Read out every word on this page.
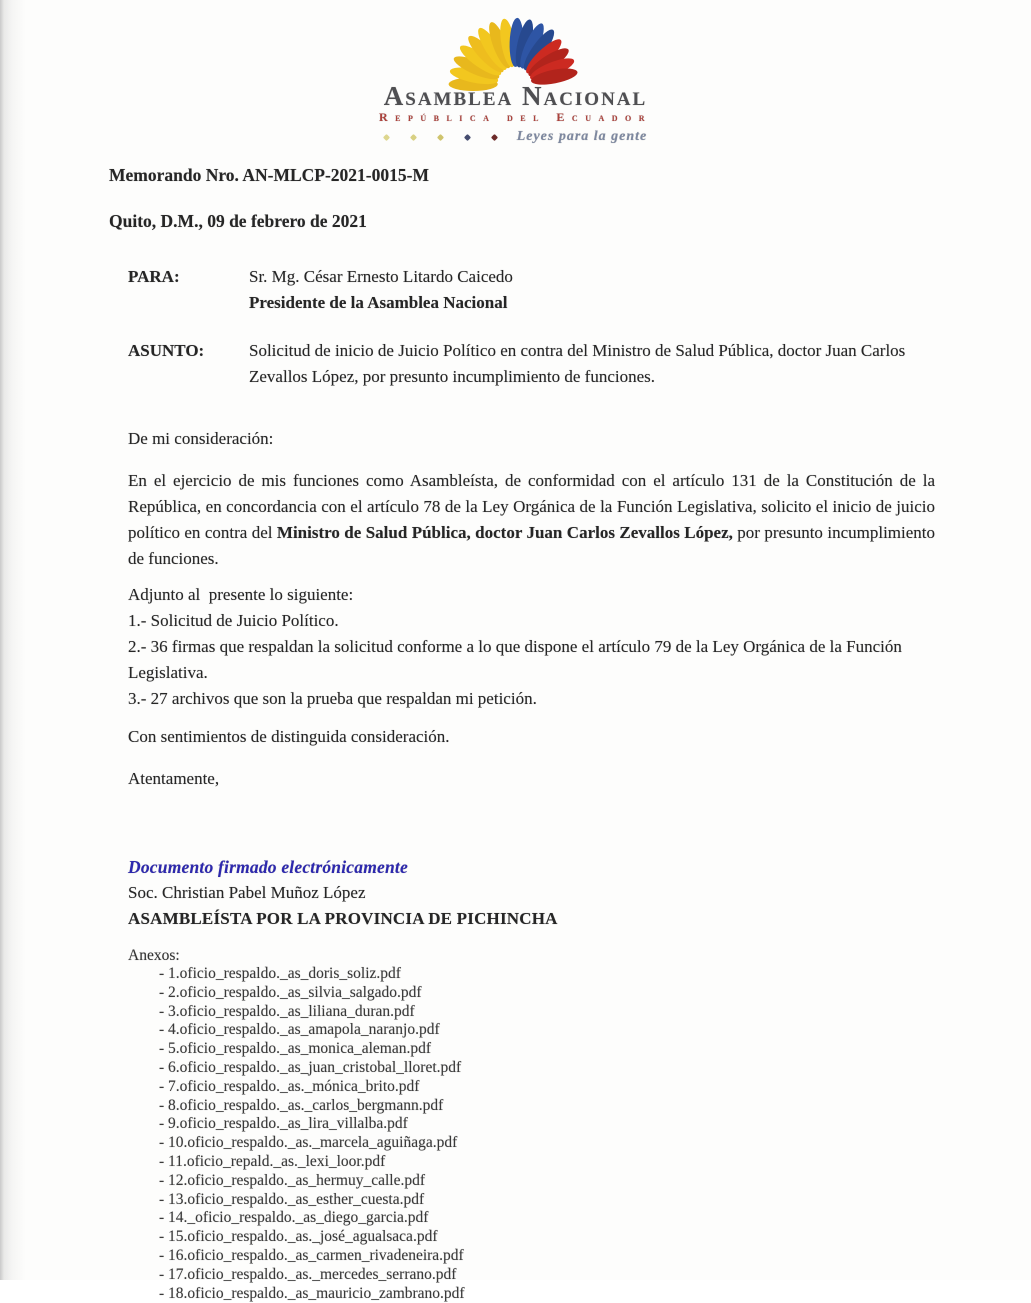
Asamblea Nacional
República del Ecuador
Leyes para la gente
Memorando Nro. AN-MLCP-2021-0015-M
Quito, D.M., 09 de febrero de 2021
PARA:	Sr. Mg. César Ernesto Litardo Caicedo
Presidente de la Asamblea Nacional
ASUNTO:	Solicitud de inicio de Juicio Político en contra del Ministro de Salud Pública, doctor Juan Carlos Zevallos López, por presunto incumplimiento de funciones.
De mi consideración:
En el ejercicio de mis funciones como Asambleísta, de conformidad con el artículo 131 de la Constitución de la República, en concordancia con el artículo 78 de la Ley Orgánica de la Función Legislativa, solicito el inicio de juicio político en contra del Ministro de Salud Pública, doctor Juan Carlos Zevallos López, por presunto incumplimiento de funciones.
Adjunto al  presente lo siguiente:
1.- Solicitud de Juicio Político.
2.- 36 firmas que respaldan la solicitud conforme a lo que dispone el artículo 79 de la Ley Orgánica de la Función Legislativa.
3.- 27 archivos que son la prueba que respaldan mi petición.
Con sentimientos de distinguida consideración.
Atentamente,
Documento firmado electrónicamente
Soc. Christian Pabel Muñoz López
ASAMBLEÍSTA POR LA PROVINCIA DE PICHINCHA
Anexos:
- 1.oficio_respaldo._as_doris_soliz.pdf
- 2.oficio_respaldo._as_silvia_salgado.pdf
- 3.oficio_respaldo._as_liliana_duran.pdf
- 4.oficio_respaldo._as_amapola_naranjo.pdf
- 5.oficio_respaldo._as_monica_aleman.pdf
- 6.oficio_respaldo._as_juan_cristobal_lloret.pdf
- 7.oficio_respaldo._as._mónica_brito.pdf
- 8.oficio_respaldo._as._carlos_bergmann.pdf
- 9.oficio_respaldo._as_lira_villalba.pdf
- 10.oficio_respaldo._as._marcela_aguiñaga.pdf
- 11.oficio_repald._as._lexi_loor.pdf
- 12.oficio_respaldo._as_hermuy_calle.pdf
- 13.oficio_respaldo._as_esther_cuesta.pdf
- 14._oficio_respaldo._as_diego_garcia.pdf
- 15.oficio_respaldo._as._josé_agualsaca.pdf
- 16.oficio_respaldo._as_carmen_rivadeneira.pdf
- 17.oficio_respaldo._as._mercedes_serrano.pdf
- 18.oficio_respaldo._as_mauricio_zambrano.pdf
